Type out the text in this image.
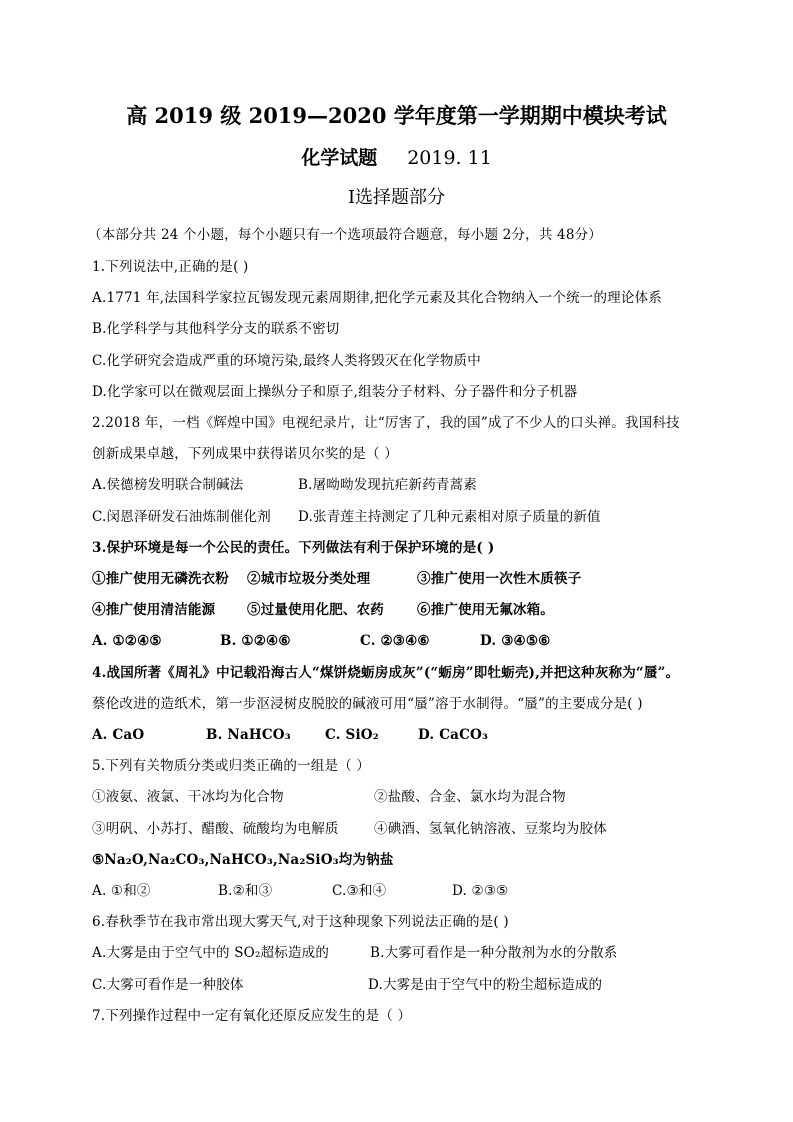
高 2019 级 2019—2020 学年度第一学期期中模块考试
化学试题 2019. 11
Ⅰ选择题部分
（本部分共 24 个小题，每个小题只有一个选项最符合题意，每小题 2分，共 48分）
1.下列说法中,正确的是( )
A.1771 年,法国科学家拉瓦锡发现元素周期律,把化学元素及其化合物纳入一个统一的理论体系
B.化学科学与其他科学分支的联系不密切
C.化学研究会造成严重的环境污染,最终人类将毁灭在化学物质中
D.化学家可以在微观层面上操纵分子和原子,组装分子材料、分子器件和分子机器
2.2018 年，一档《辉煌中国》电视纪录片，让“厉害了，我的国”成了不少人的口头禅。我国科技
创新成果卓越，下列成果中获得诺贝尔奖的是（ ）
A.侯德榜发明联合制碱法	B.屠呦呦发现抗疟新药青蒿素
C.闵恩泽研发石油炼制催化剂 D.张青莲主持测定了几种元素相对原子质量的新值
3.保护环境是每一个公民的责任。下列做法有利于保护环境的是( )
①推广使用无磷洗衣粉 ②城市垃圾分类处理	③推广使用一次性木质筷子
④推广使用清洁能源 ⑤过量使用化肥、农药 ⑥推广使用无氟冰箱。
A. ①②④⑤	B. ①②④⑥	C. ②③④⑥	D. ③④⑤⑥
4.战国所著《周礼》中记载沿海古人“煤饼烧蛎房成灰”(“蛎房”即牡蛎壳),并把这种灰称为“蜃”。
蔡伦改进的造纸术，第一步沤浸树皮脱胶的碱液可用“蜃”溶于水制得。“蜃”的主要成分是( )
A. CaO	B. NaHCO₃	C. SiO₂	D. CaCO₃
5.下列有关物质分类或归类正确的一组是（ ）
①液氨、液氯、干冰均为化合物	②盐酸、合金、氯水均为混合物
③明矾、小苏打、醋酸、硫酸均为电解质	④碘酒、氢氧化钠溶液、豆浆均为胶体
⑤Na₂O,Na₂CO₃,NaHCO₃,Na₂SiO₃均为钠盐
A. ①和②	B.②和③	C.③和④	D. ②③⑤
6.春秋季节在我市常出现大雾天气,对于这种现象下列说法正确的是( )
A.大雾是由于空气中的 SO₂超标造成的	B.大雾可看作是一种分散剂为水的分散系
C.大雾可看作是一种胶体	D.大雾是由于空气中的粉尘超标造成的
7.下列操作过程中一定有氧化还原反应发生的是（ ）
